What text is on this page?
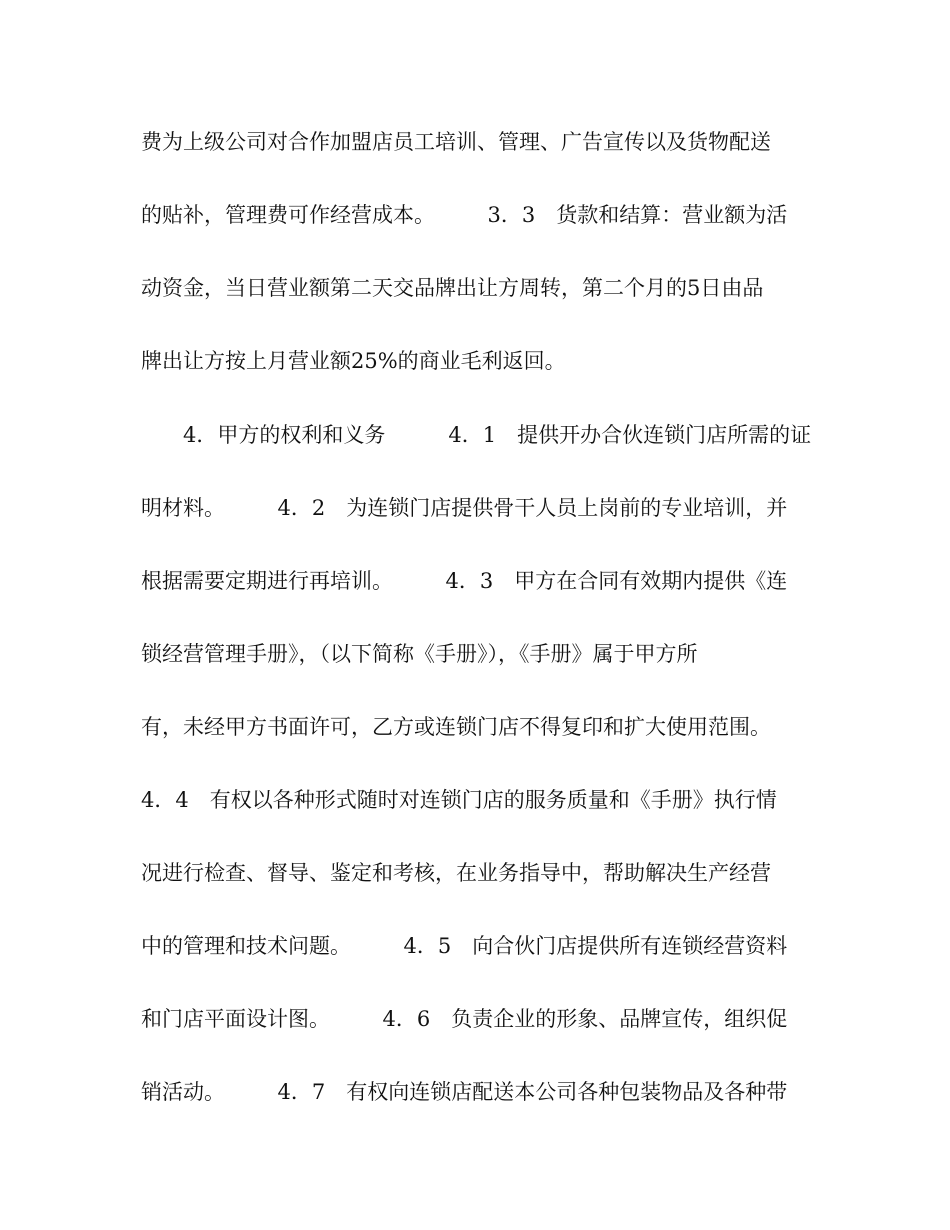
费为上级公司对合作加盟店员工培训、管理、广告宣传以及货物配送
的贴补，管理费可作经营成本。　　　3．3　货款和结算：营业额为活
动资金，当日营业额第二天交品牌出让方周转，第二个月的5日由品
牌出让方按上月营业额25%的商业毛利返回。
4．甲方的权利和义务　　　4．1　提供开办合伙连锁门店所需的证
明材料。　　　4．2　为连锁门店提供骨干人员上岗前的专业培训，并
根据需要定期进行再培训。　　　4．3　甲方在合同有效期内提供《连
锁经营管理手册》，（以下简称《手册》），《手册》属于甲方所
有，未经甲方书面许可，乙方或连锁门店不得复印和扩大使用范围。
4．4　有权以各种形式随时对连锁门店的服务质量和《手册》执行情
况进行检查、督导、鉴定和考核，在业务指导中，帮助解决生产经营
中的管理和技术问题。　　　4．5　向合伙门店提供所有连锁经营资料
和门店平面设计图。　　　4．6　负责企业的形象、品牌宣传，组织促
销活动。　　　4．7　有权向连锁店配送本公司各种包装物品及各种带
